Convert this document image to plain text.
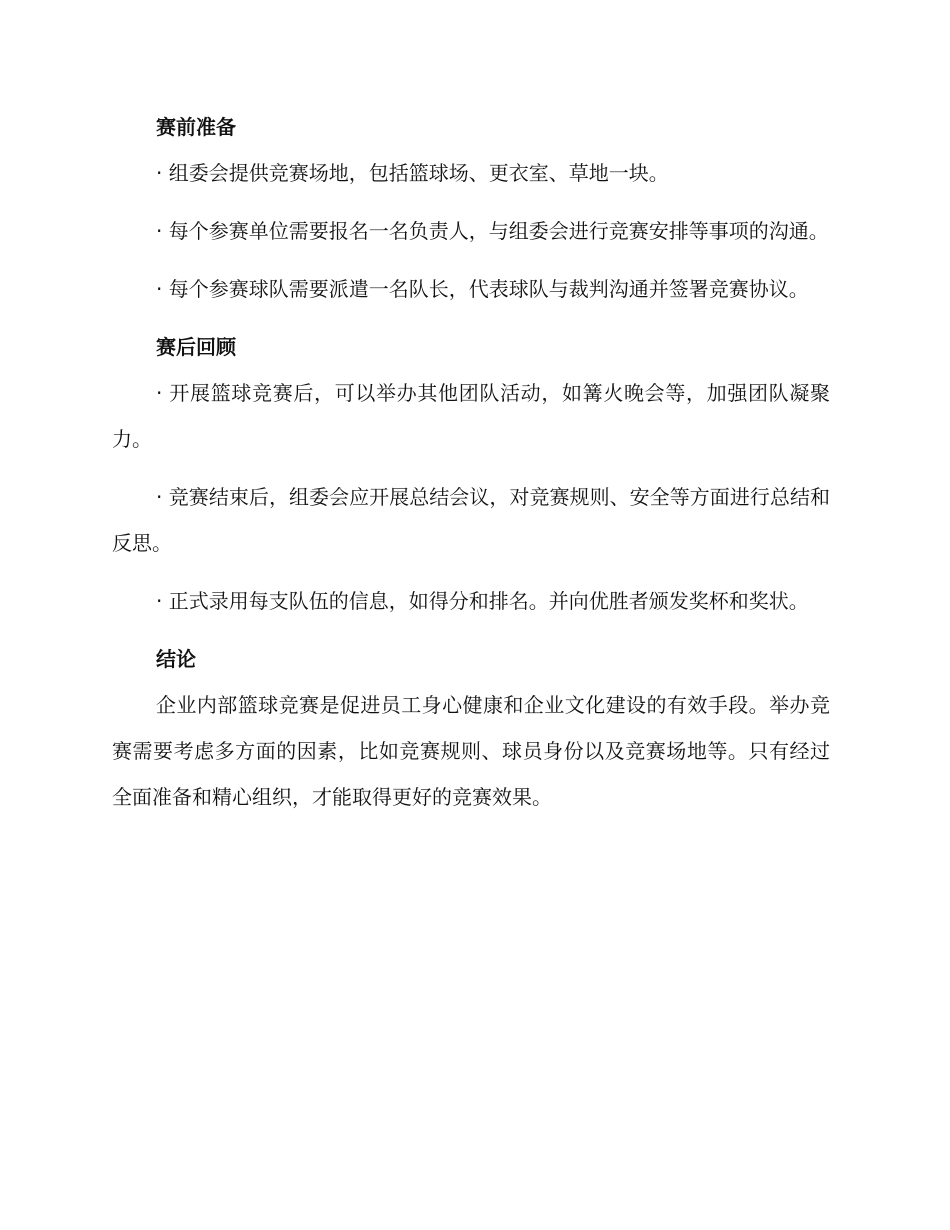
赛前准备

· 组委会提供竞赛场地，包括篮球场、更衣室、草地一块。

· 每个参赛单位需要报名一名负责人，与组委会进行竞赛安排等事项的沟通。

· 每个参赛球队需要派遣一名队长，代表球队与裁判沟通并签署竞赛协议。

赛后回顾

· 开展篮球竞赛后，可以举办其他团队活动，如篝火晚会等，加强团队凝聚力。

· 竞赛结束后，组委会应开展总结会议，对竞赛规则、安全等方面进行总结和反思。

· 正式录用每支队伍的信息，如得分和排名。并向优胜者颁发奖杯和奖状。

结论

企业内部篮球竞赛是促进员工身心健康和企业文化建设的有效手段。举办竞赛需要考虑多方面的因素，比如竞赛规则、球员身份以及竞赛场地等。只有经过全面准备和精心组织，才能取得更好的竞赛效果。
